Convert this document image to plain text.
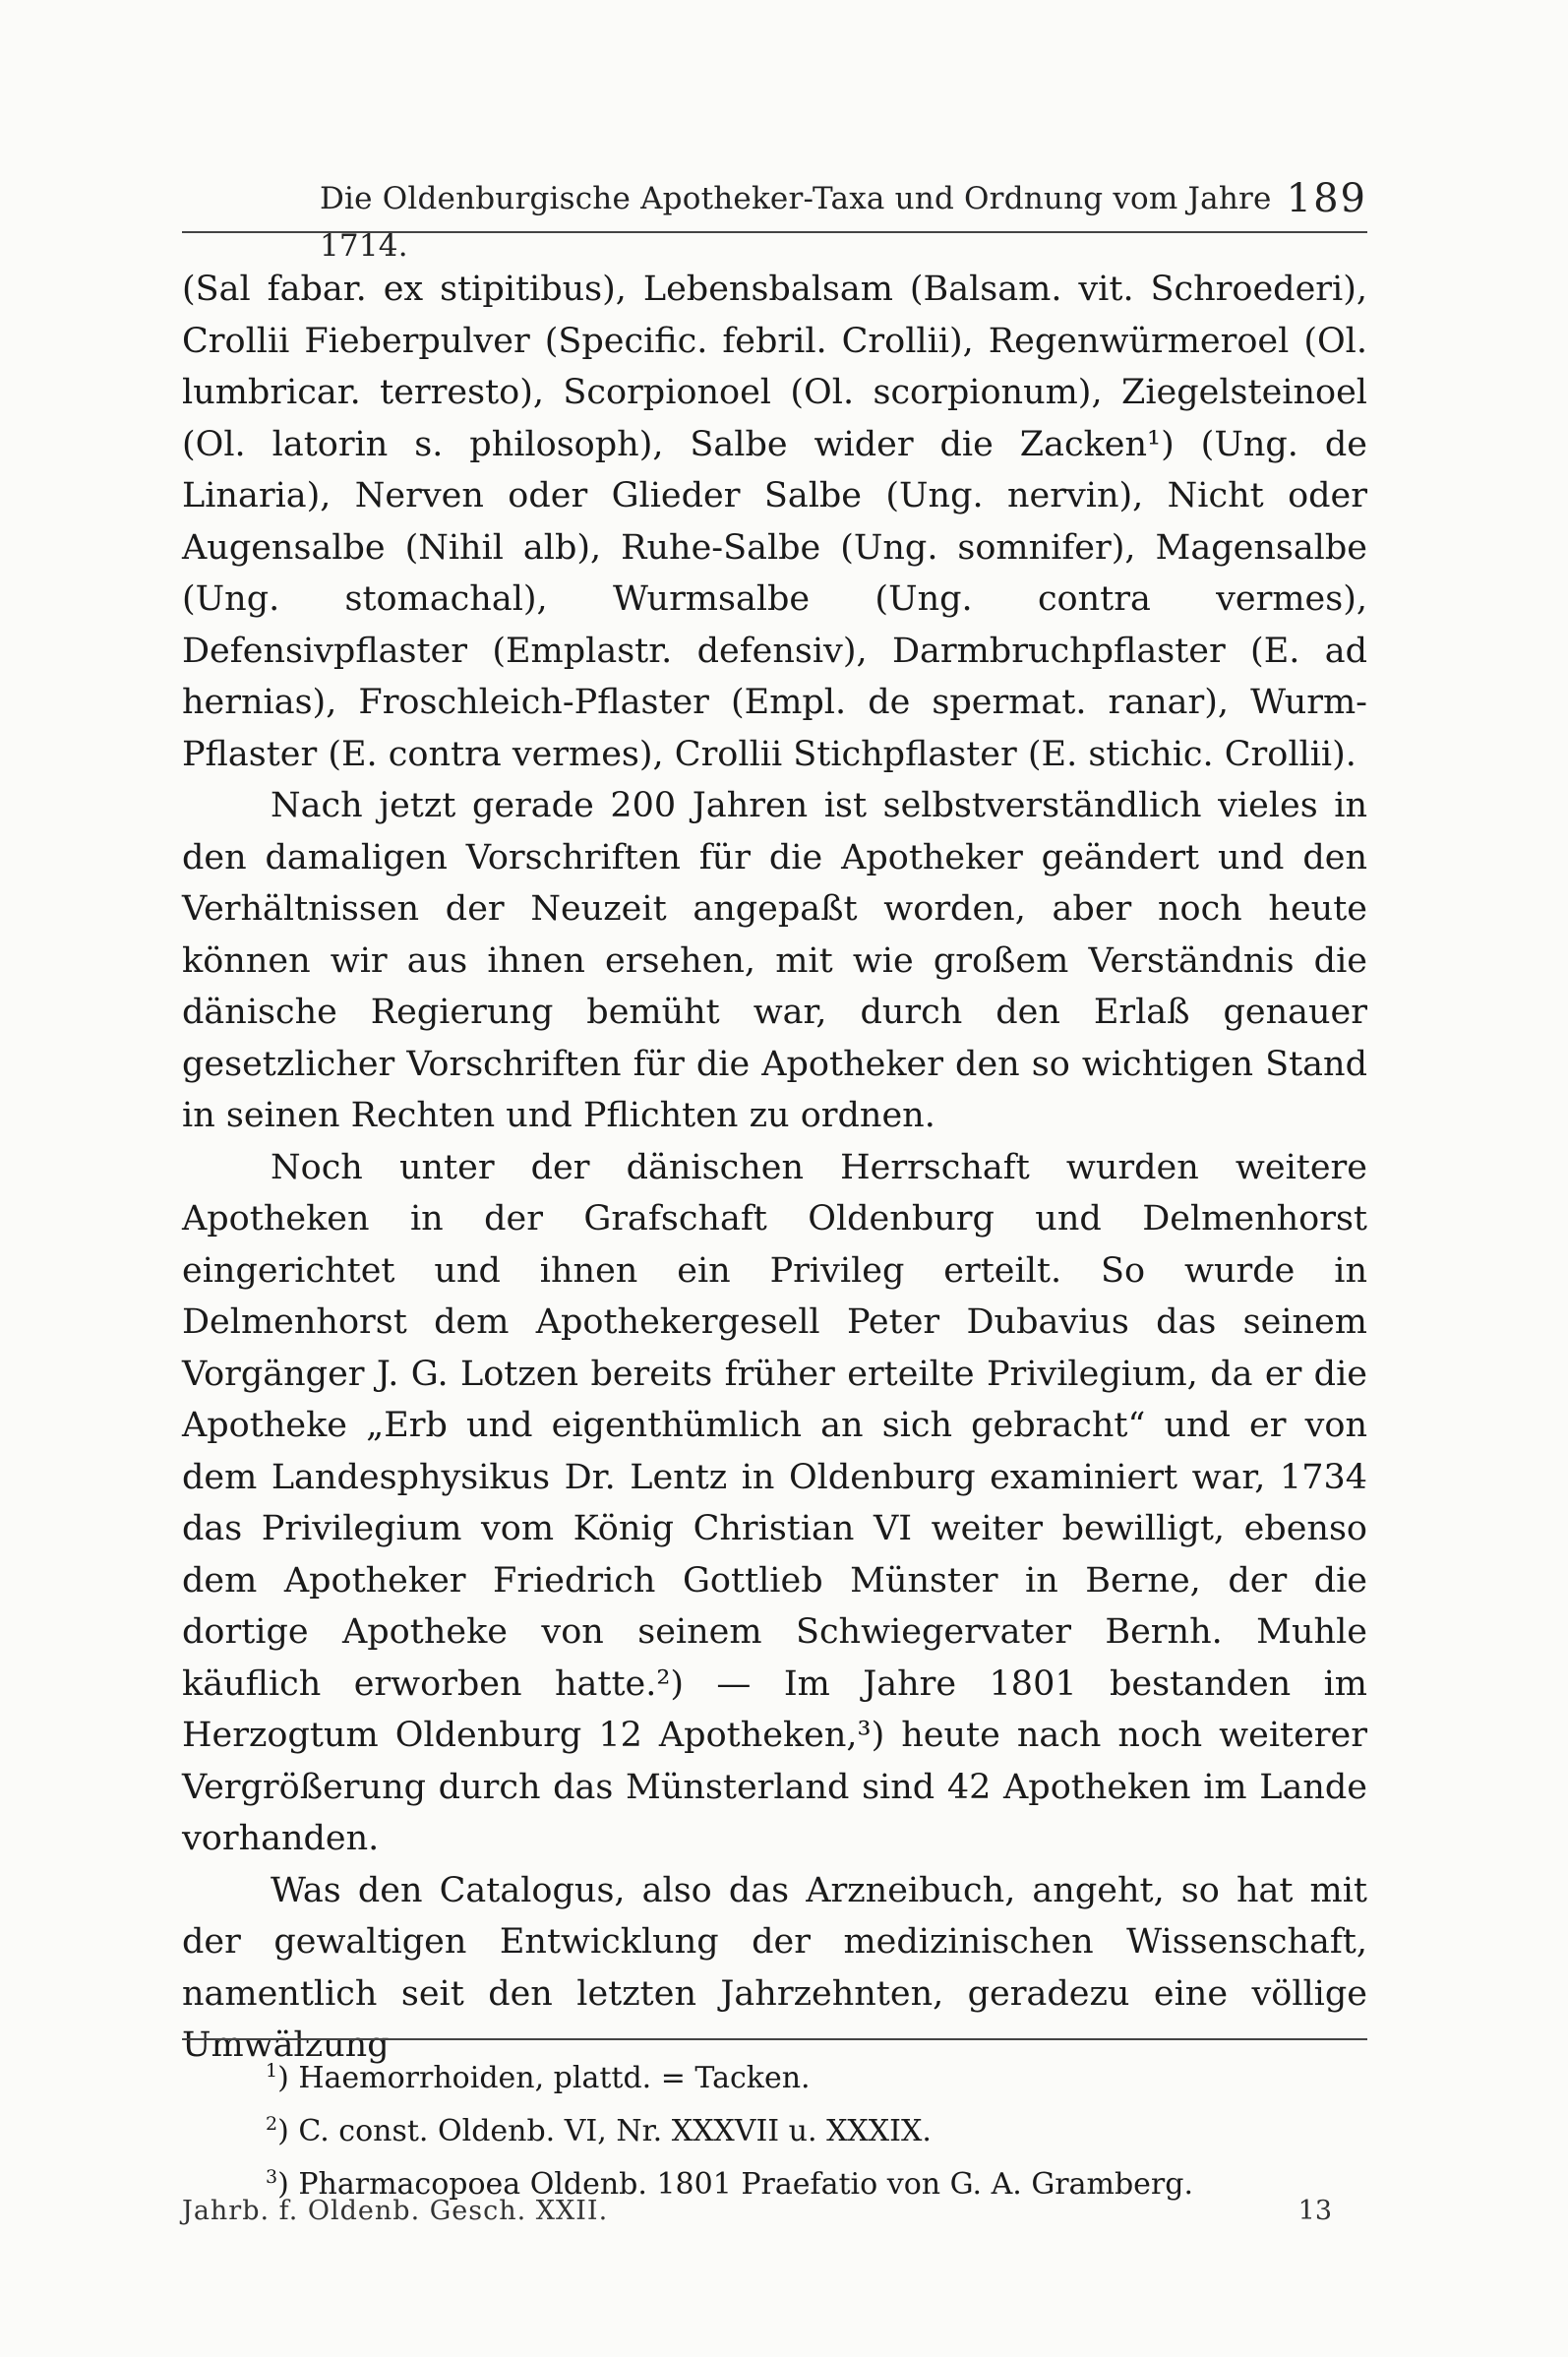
Die Oldenburgische Apotheker-Taxa und Ordnung vom Jahre 1714.
189

(Sal fabar. ex stipitibus), Lebensbalsam (Balsam. vit. Schroederi), Crollii Fieberpulver (Specific. febril. Crollii), Regenwürmeroel (Ol. lumbricar. terresto), Scorpionoel (Ol. scorpionum), Ziegelsteinoel (Ol. latorin s. philosoph), Salbe wider die Zacken¹) (Ung. de Linaria), Nerven oder Glieder Salbe (Ung. nervin), Nicht oder Augensalbe (Nihil alb), Ruhe-Salbe (Ung. somnifer), Magensalbe (Ung. stomachal), Wurmsalbe (Ung. contra vermes), Defensivpflaster (Emplastr. defensiv), Darmbruchpflaster (E. ad hernias), Froschleich-Pflaster (Empl. de spermat. ranar), Wurm-Pflaster (E. contra vermes), Crollii Stichpflaster (E. stichic. Crollii).

Nach jetzt gerade 200 Jahren ist selbstverständlich vieles in den damaligen Vorschriften für die Apotheker geändert und den Verhältnissen der Neuzeit angepaßt worden, aber noch heute können wir aus ihnen ersehen, mit wie großem Verständnis die dänische Regierung bemüht war, durch den Erlaß genauer gesetzlicher Vorschriften für die Apotheker den so wichtigen Stand in seinen Rechten und Pflichten zu ordnen.

Noch unter der dänischen Herrschaft wurden weitere Apotheken in der Grafschaft Oldenburg und Delmenhorst eingerichtet und ihnen ein Privileg erteilt. So wurde in Delmenhorst dem Apothekergesell Peter Dubavius das seinem Vorgänger J. G. Lotzen bereits früher erteilte Privilegium, da er die Apotheke „Erb und eigenthümlich an sich gebracht“ und er von dem Landesphysikus Dr. Lentz in Oldenburg examiniert war, 1734 das Privilegium vom König Christian VI weiter bewilligt, ebenso dem Apotheker Friedrich Gottlieb Münster in Berne, der die dortige Apotheke von seinem Schwiegervater Bernh. Muhle käuflich erworben hatte.²) — Im Jahre 1801 bestanden im Herzogtum Oldenburg 12 Apotheken,³) heute nach noch weiterer Vergrößerung durch das Münsterland sind 42 Apotheken im Lande vorhanden.

Was den Catalogus, also das Arzneibuch, angeht, so hat mit der gewaltigen Entwicklung der medizinischen Wissenschaft, namentlich seit den letzten Jahrzehnten, geradezu eine völlige Umwälzung

$^1$) Haemorrhoiden, plattd. = Tacken.
$^2$) C. const. Oldenb. VI, Nr. XXXVII u. XXXIX.
$^3$) Pharmacopoea Oldenb. 1801 Praefatio von G. A. Gramberg.
Jahrb. f. Oldenb. Gesch. XXII.	13
